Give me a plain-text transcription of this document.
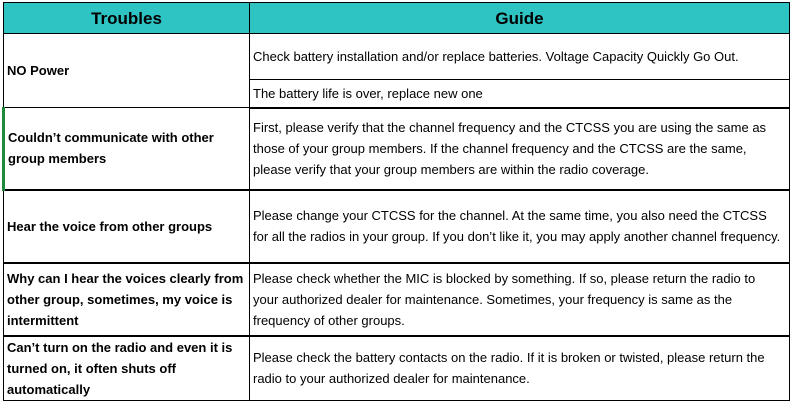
Troubles	Guide
NO Power	Check battery installation and/or replace batteries. Voltage Capacity Quickly Go Out.
	The battery life is over, replace new one
Couldn’t communicate with other group members	First, please verify that the channel frequency and the CTCSS you are using the same as those of your group members. If the channel frequency and the CTCSS are the same, please verify that your group members are within the radio coverage.
Hear the voice from other groups	Please change your CTCSS for the channel. At the same time, you also need the CTCSS for all the radios in your group. If you don’t like it, you may apply another channel frequency.
Why can I hear the voices clearly from other group, sometimes, my voice is intermittent	Please check whether the MIC is blocked by something. If so, please return the radio to your authorized dealer for maintenance. Sometimes, your frequency is same as the frequency of other groups.
Can’t turn on the radio and even it is turned on, it often shuts off automatically	Please check the battery contacts on the radio. If it is broken or twisted, please return the radio to your authorized dealer for maintenance.
